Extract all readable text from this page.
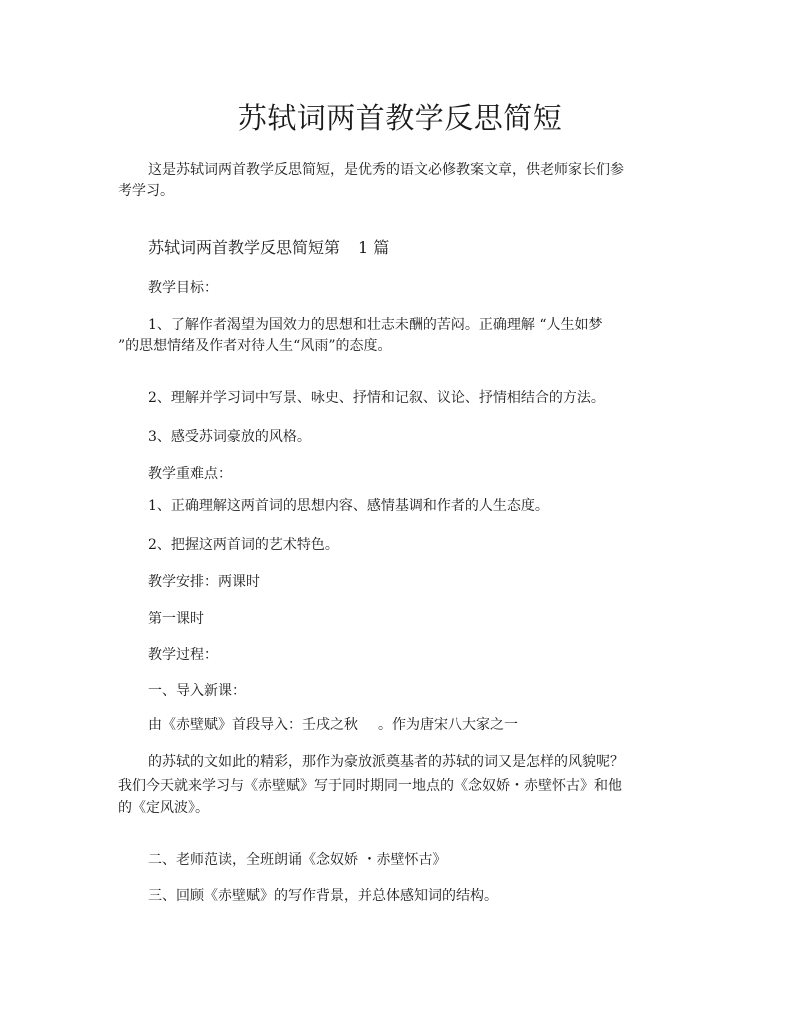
苏轼词两首教学反思简短
这是苏轼词两首教学反思简短，是优秀的语文必修教案文章，供老师家长们参
考学习。
苏轼词两首教学反思简短第 1 篇
教学目标：
1、了解作者渴望为国效力的思想和壮志未酬的苦闷。正确理解 “人生如梦
”的思想情绪及作者对待人生“风雨”的态度。
2、理解并学习词中写景、咏史、抒情和记叙、议论、抒情相结合的方法。
3、感受苏词豪放的风格。
教学重难点：
1、正确理解这两首词的思想内容、感情基调和作者的人生态度。
2、把握这两首词的艺术特色。
教学安排：两课时
第一课时
教学过程：
一、导入新课：
由《赤壁赋》首段导入：壬戌之秋 。作为唐宋八大家之一
的苏轼的文如此的精彩，那作为豪放派奠基者的苏轼的词又是怎样的风貌呢？
我们今天就来学习与《赤壁赋》写于同时期同一地点的《念奴娇・赤壁怀古》和他
的《定风波》。
二、老师范读，全班朗诵《念奴娇 ・赤壁怀古》
三、回顾《赤壁赋》的写作背景，并总体感知词的结构。
